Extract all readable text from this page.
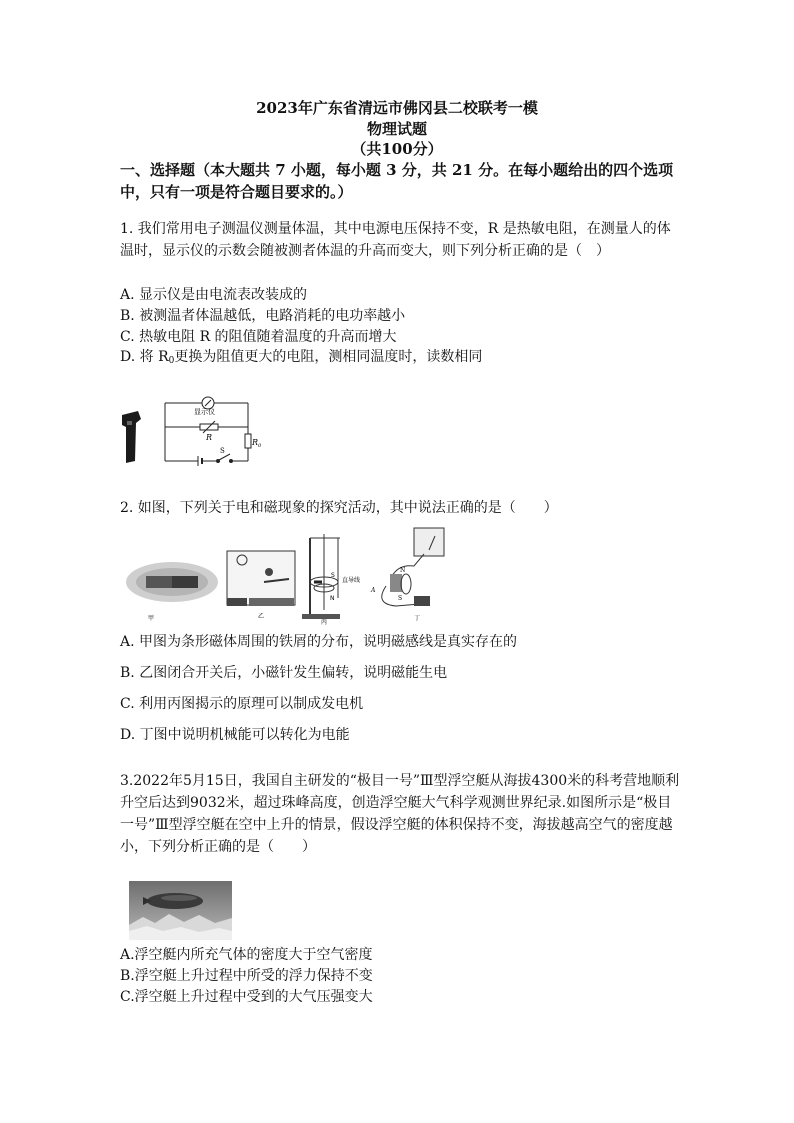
2023年广东省清远市佛冈县二校联考一模
物理试题
（共100分）
一、选择题（本大题共 7 小题，每小题 3 分，共 21 分。在每小题给出的四个选项中，只有一项是符合题目要求的。）
1. 我们常用电子测温仪测量体温，其中电源电压保持不变，R 是热敏电阻，在测量人的体温时，显示仪的示数会随被测者体温的升高而变大，则下列分析正确的是（　）
A. 显示仪是由电流表改装成的
B. 被测温者体温越低，电路消耗的电功率越小
C. 热敏电阻 R 的阻值随着温度的升高而增大
D. 将 $R_0$更换为阻值更大的电阻，测相同温度时，读数相同
显示仪
R
$R_0$
S
2. 如图，下列关于电和磁现象的探究活动，其中说法正确的是（　　）
S
直导线
N
A
N
S
甲	乙
丙
丁
A. 甲图为条形磁体周围的铁屑的分布，说明磁感线是真实存在的
B. 乙图闭合开关后，小磁针发生偏转，说明磁能生电
C. 利用丙图揭示的原理可以制成发电机
D. 丁图中说明机械能可以转化为电能
3.2022年5月15日，我国自主研发的“极目一号”Ⅲ型浮空艇从海拔4300米的科考营地顺利升空后达到9032米，超过珠峰高度，创造浮空艇大气科学观测世界纪录.如图所示是“极目一号”Ⅲ型浮空艇在空中上升的情景，假设浮空艇的体积保持不变，海拔越高空气的密度越小，下列分析正确的是（　　）
A.浮空艇内所充气体的密度大于空气密度
B.浮空艇上升过程中所受的浮力保持不变
C.浮空艇上升过程中受到的大气压强变大
